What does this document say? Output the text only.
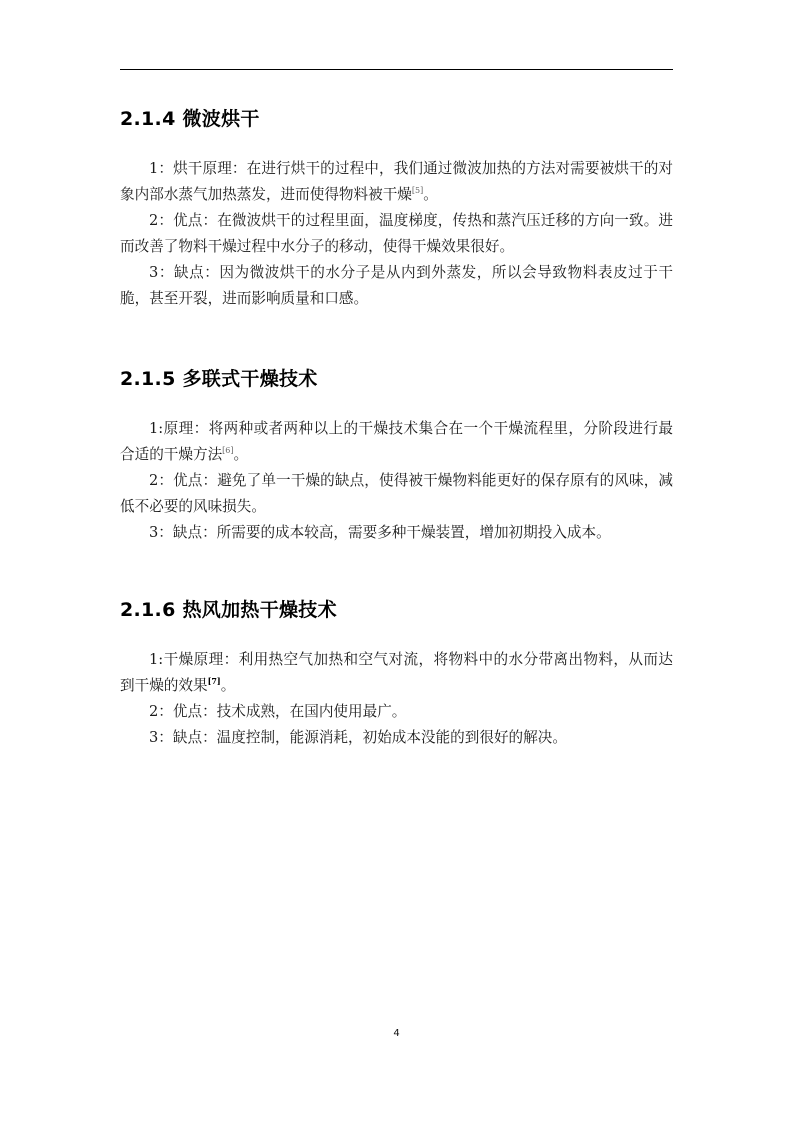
2.1.4 微波烘干

1：烘干原理：在进行烘干的过程中，我们通过微波加热的方法对需要被烘干的对象内部水蒸气加热蒸发，进而使得物料被干燥[5]。

2：优点：在微波烘干的过程里面，温度梯度，传热和蒸汽压迁移的方向一致。进而改善了物料干燥过程中水分子的移动，使得干燥效果很好。

3：缺点：因为微波烘干的水分子是从内到外蒸发，所以会导致物料表皮过于干脆，甚至开裂，进而影响质量和口感。

2.1.5 多联式干燥技术

1:原理：将两种或者两种以上的干燥技术集合在一个干燥流程里，分阶段进行最合适的干燥方法[6]。

2：优点：避免了单一干燥的缺点，使得被干燥物料能更好的保存原有的风味，减低不必要的风味损失。

3：缺点：所需要的成本较高，需要多种干燥装置，增加初期投入成本。

2.1.6 热风加热干燥技术

1:干燥原理：利用热空气加热和空气对流，将物料中的水分带离出物料，从而达到干燥的效果[7]。

2：优点：技术成熟，在国内使用最广。

3：缺点：温度控制，能源消耗，初始成本没能的到很好的解决。

4
